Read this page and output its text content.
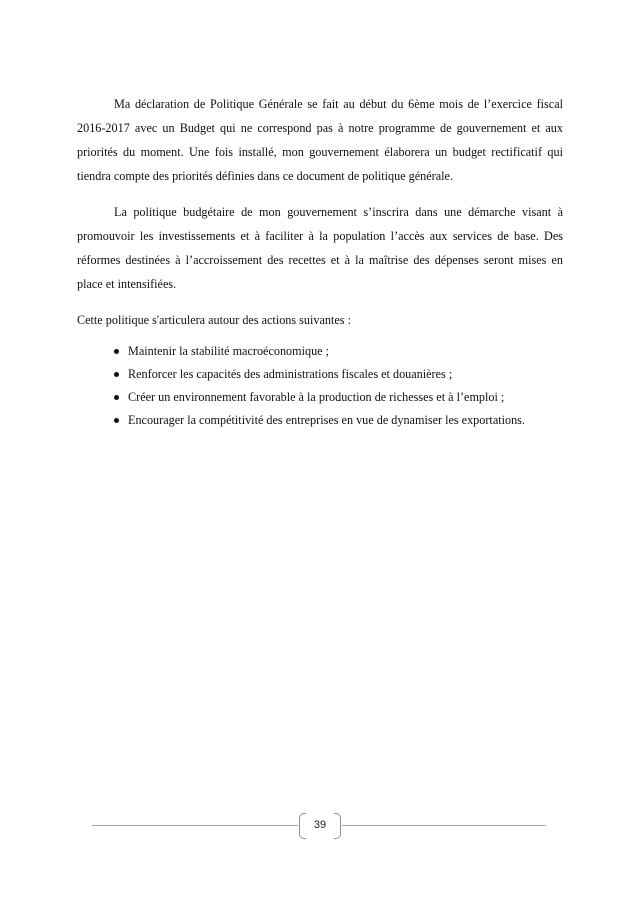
Ma déclaration de Politique Générale se fait au début du 6ème mois de l’exercice fiscal 2016-2017 avec un Budget qui ne correspond pas à notre programme de gouvernement et aux priorités du moment. Une fois installé, mon gouvernement élaborera un budget rectificatif qui tiendra compte des priorités définies dans ce document de politique générale.

La politique budgétaire de mon gouvernement s’inscrira dans une démarche visant à promouvoir les investissements et à faciliter à la population l’accès aux services de base. Des réformes destinées à l’accroissement des recettes et à la maîtrise des dépenses seront mises en place et intensifiées.

Cette politique s'articulera autour des actions suivantes :

Maintenir la stabilité macroéconomique ;
Renforcer les capacités des administrations fiscales et douanières ;
Créer un environnement favorable à la production de richesses et à l’emploi ;
Encourager la compétitivité des entreprises en vue de dynamiser les exportations.
39
